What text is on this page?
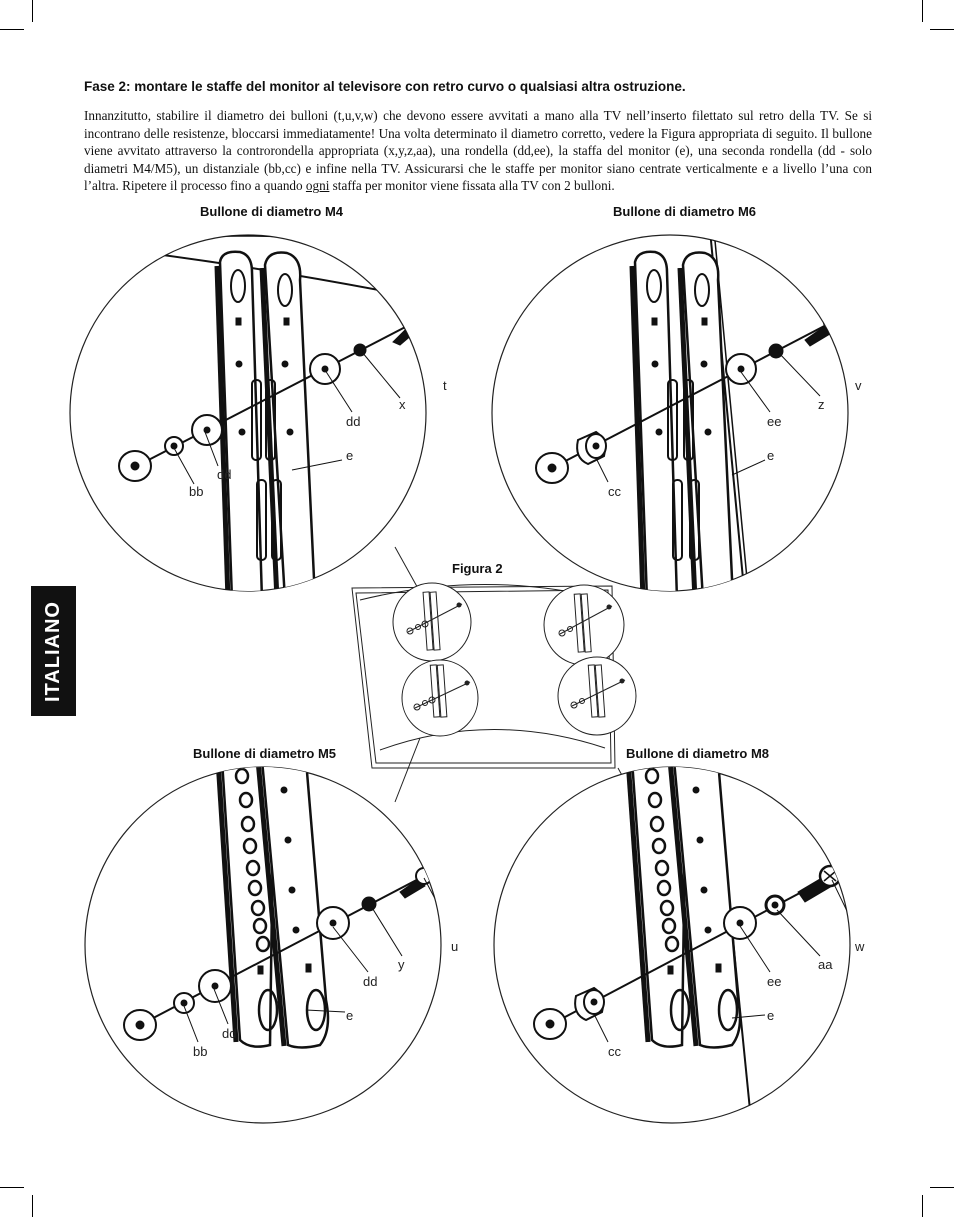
Fase 2: montare le staffe del monitor al televisore con retro curvo o qualsiasi altra ostruzione.

Innanzitutto, stabilire il diametro dei bulloni (t,u,v,w) che devono essere avvitati a mano alla TV nell’inserto filettato sul retro della TV. Se si incontrano delle resistenze, bloccarsi immediatamente! Una volta determinato il diametro corretto, vedere la Figura appropriata di seguito. Il bullone viene avvitato attraverso la controrondella appropriata (x,y,z,aa), una rondella (dd,ee), la staffa del monitor (e), una seconda rondella (dd - solo diametri M4/M5), un distanziale (bb,cc) e infine nella TV. Assicurarsi che le staffe per monitor siano centrate verticalmente e a livello l’una con l’altra. Ripetere il processo fino a quando ogni staffa per monitor viene fissata alla TV con 2 bulloni.

Bullone di diametro M4	Bullone di diametro M6
Figura 2
Bullone di diametro M5	Bullone di diametro M8
ITALIANO
t
x
dd
e
dd
bb
v
z
ee
e
cc
u
y
dd
e
dd
bb
w
aa
ee
e
cc
